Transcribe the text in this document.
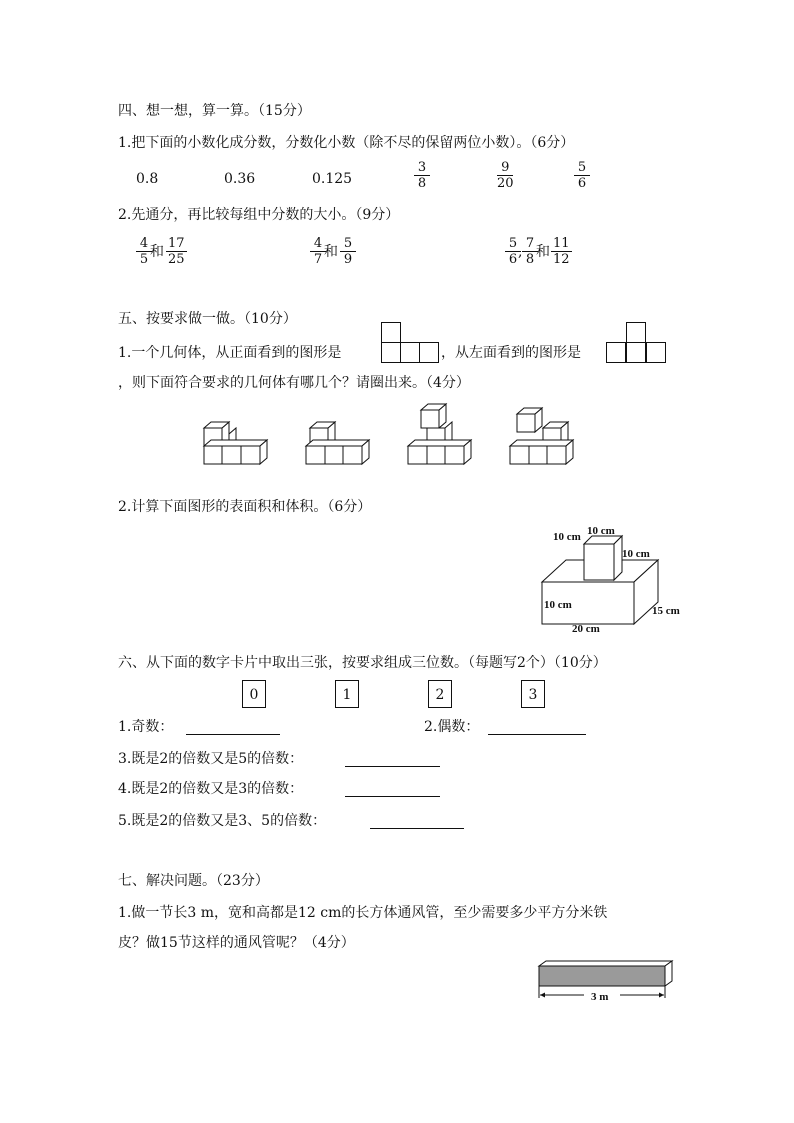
四、想一想，算一算。（15分）
1.把下面的小数化成分数，分数化小数（除不尽的保留两位小数）。（6分）
0.8	0.36	0.125	$\frac{3}{8}$	$\frac{9}{20}$	$\frac{5}{6}$
2.先通分，再比较每组中分数的大小。（9分）
$\frac{4}{5}$
和 $\frac{17}{25}$	$\frac{4}{7}$
和 $\frac{5}{9}$	$\frac{5}{6}$
, $\frac{7}{8}$
和 $\frac{11}{12}$
五、按要求做一做。（10分）
1.一个几何体，从正面看到的图形是	，从左面看到的图形是
，则下面符合要求的几何体有哪几个？请圈出来。（4分）
2.计算下面图形的表面积和体积。（6分）
10 cm
10 cm
10 cm
10 cm	15 cm
20 cm
六、从下面的数字卡片中取出三张，按要求组成三位数。（每题写2个）（10分）
0	1	2	3
1.奇数：	2.偶数：
3.既是2的倍数又是5的倍数：
4.既是2的倍数又是3的倍数：
5.既是2的倍数又是3、5的倍数：
七、解决问题。（23分）
1.做一节长3 m，宽和高都是12 cm的长方体通风管，至少需要多少平方分米铁
皮？做15节这样的通风管呢？（4分）
3 m
